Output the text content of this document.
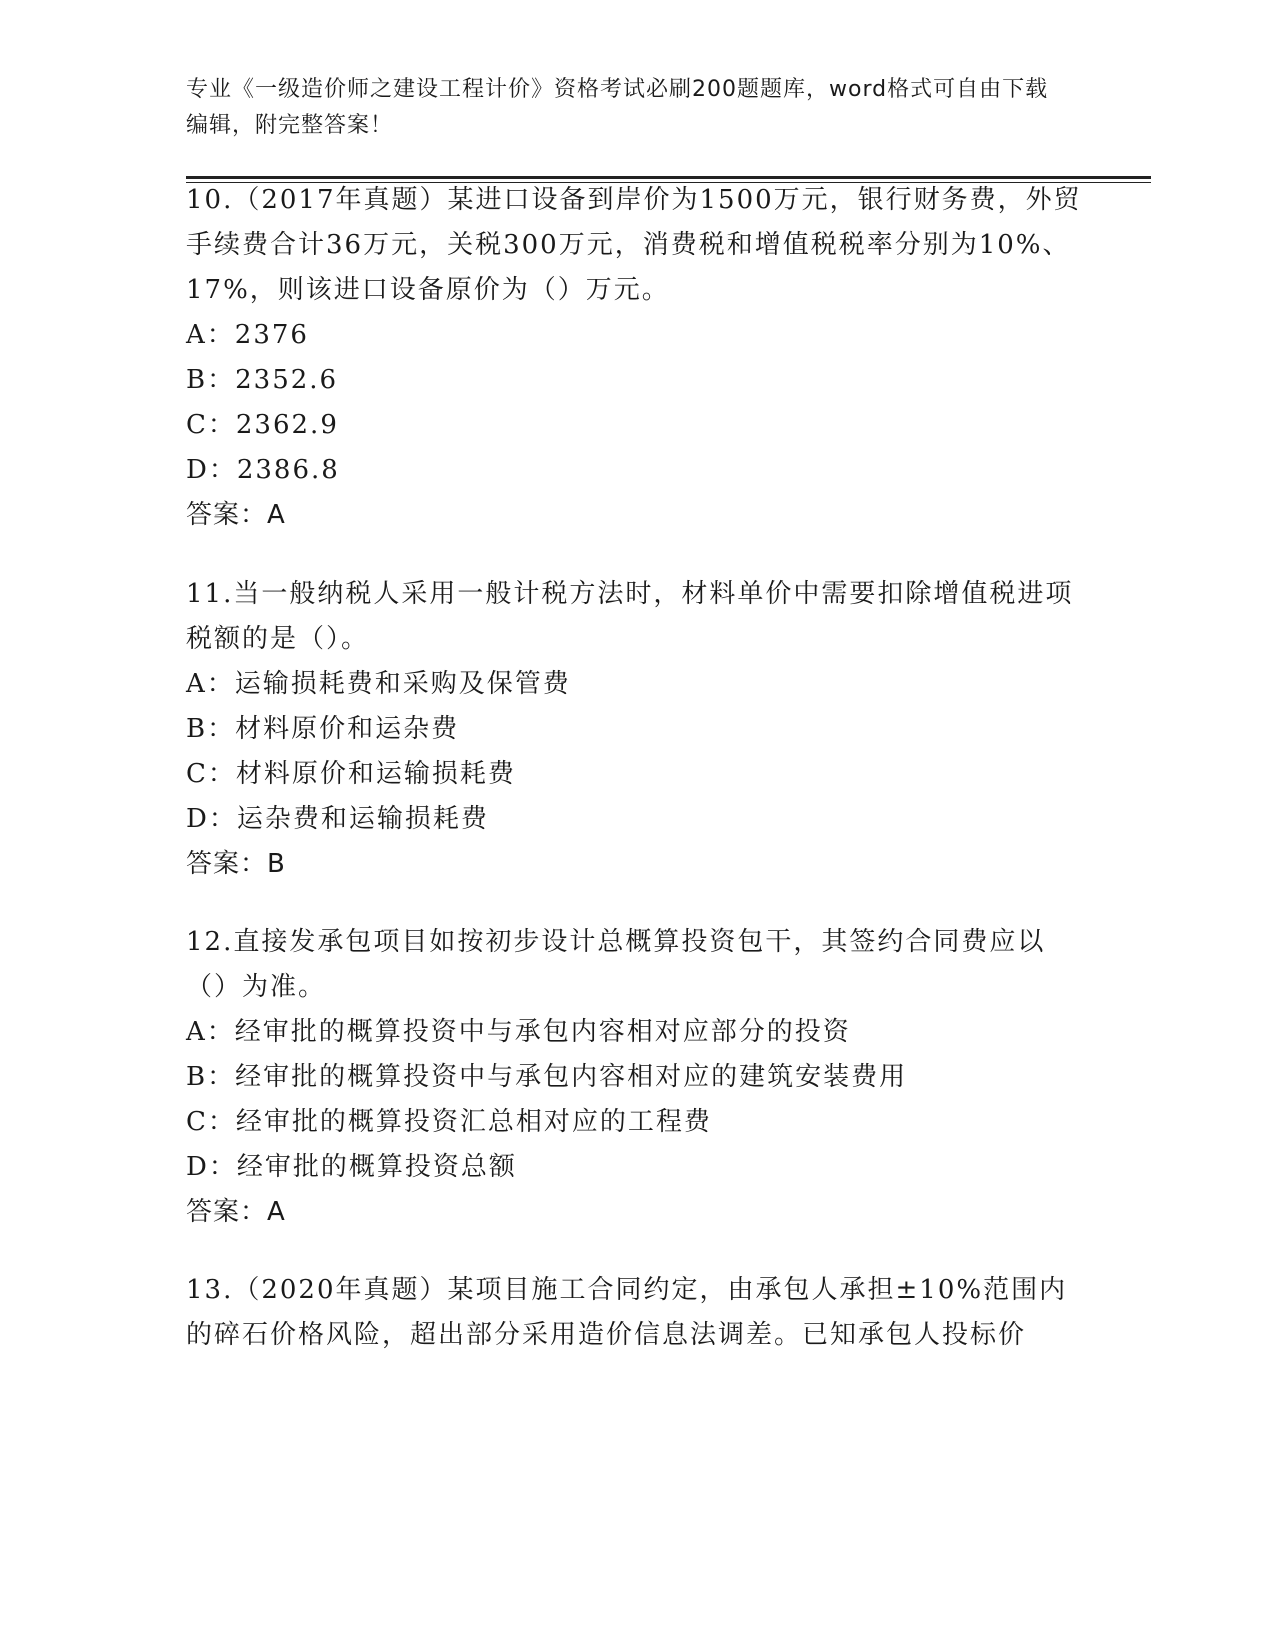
专业《一级造价师之建设工程计价》资格考试必刷200题题库，word格式可自由下载编辑，附完整答案！

10.（2017年真题）某进口设备到岸价为1500万元，银行财务费，外贸手续费合计36万元，关税300万元，消费税和增值税税率分别为10%、17%，则该进口设备原价为（）万元。

A：2376

B：2352.6

C：2362.9

D：2386.8

答案：A

11.当一般纳税人采用一般计税方法时，材料单价中需要扣除增值税进项税额的是（）。

A：运输损耗费和采购及保管费

B：材料原价和运杂费

C：材料原价和运输损耗费

D：运杂费和运输损耗费

答案：B

12.直接发承包项目如按初步设计总概算投资包干，其签约合同费应以（）为准。

A：经审批的概算投资中与承包内容相对应部分的投资

B：经审批的概算投资中与承包内容相对应的建筑安装费用

C：经审批的概算投资汇总相对应的工程费

D：经审批的概算投资总额

答案：A

13.（2020年真题）某项目施工合同约定，由承包人承担±10%范围内的碎石价格风险，超出部分采用造价信息法调差。已知承包人投标价
